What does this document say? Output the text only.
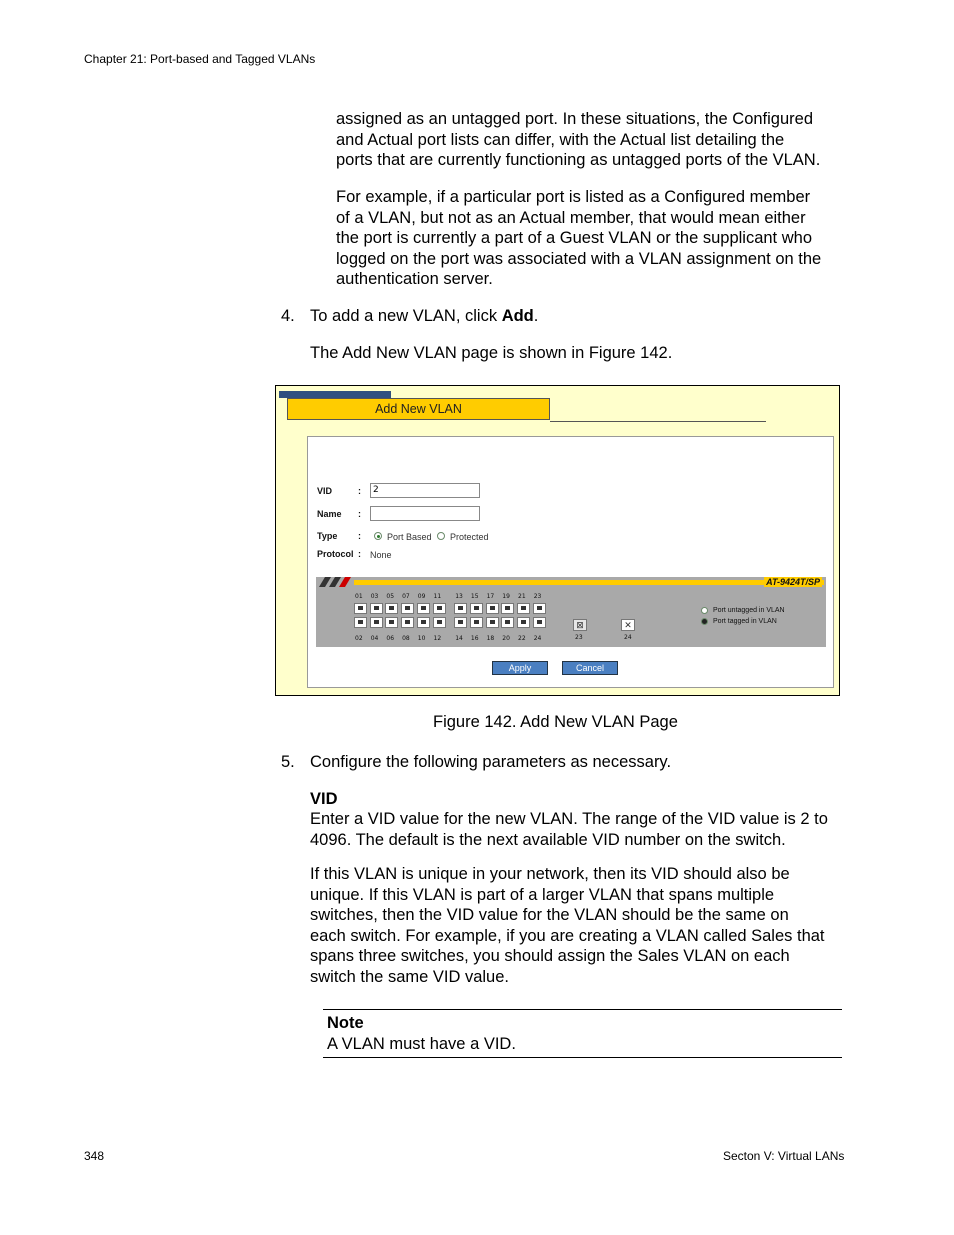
Chapter 21: Port-based and Tagged VLANs
assigned as an untagged port. In these situations, the Configured
and Actual port lists can differ, with the Actual list detailing the
ports that are currently functioning as untagged ports of the VLAN.
For example, if a particular port is listed as a Configured member
of a VLAN, but not as an Actual member, that would mean either
the port is currently a part of a Guest VLAN or the supplicant who
logged on the port was associated with a VLAN assignment on the
authentication server.
4. To add a new VLAN, click Add.
The Add New VLAN page is shown in Figure 142.
Add New VLAN
VID	:	2
Name :
Type :	Port Based Protected
Protocol : None
AT-9424T/SP
01
02
03
04
05
06
07
08
09
10
11
12
13
14
15
16
17
18
19
20
21
22
23
24
⊠
23
✕
24
Port untagged in VLAN
Port tagged in VLAN
Apply	Cancel
Figure 142. Add New VLAN Page
5. Configure the following parameters as necessary.
VID
Enter a VID value for the new VLAN. The range of the VID value is 2 to
4096. The default is the next available VID number on the switch.
If this VLAN is unique in your network, then its VID should also be
unique. If this VLAN is part of a larger VLAN that spans multiple
switches, then the VID value for the VLAN should be the same on
each switch. For example, if you are creating a VLAN called Sales that
spans three switches, you should assign the Sales VLAN on each
switch the same VID value.
Note
A VLAN must have a VID.
348	Secton V: Virtual LANs
